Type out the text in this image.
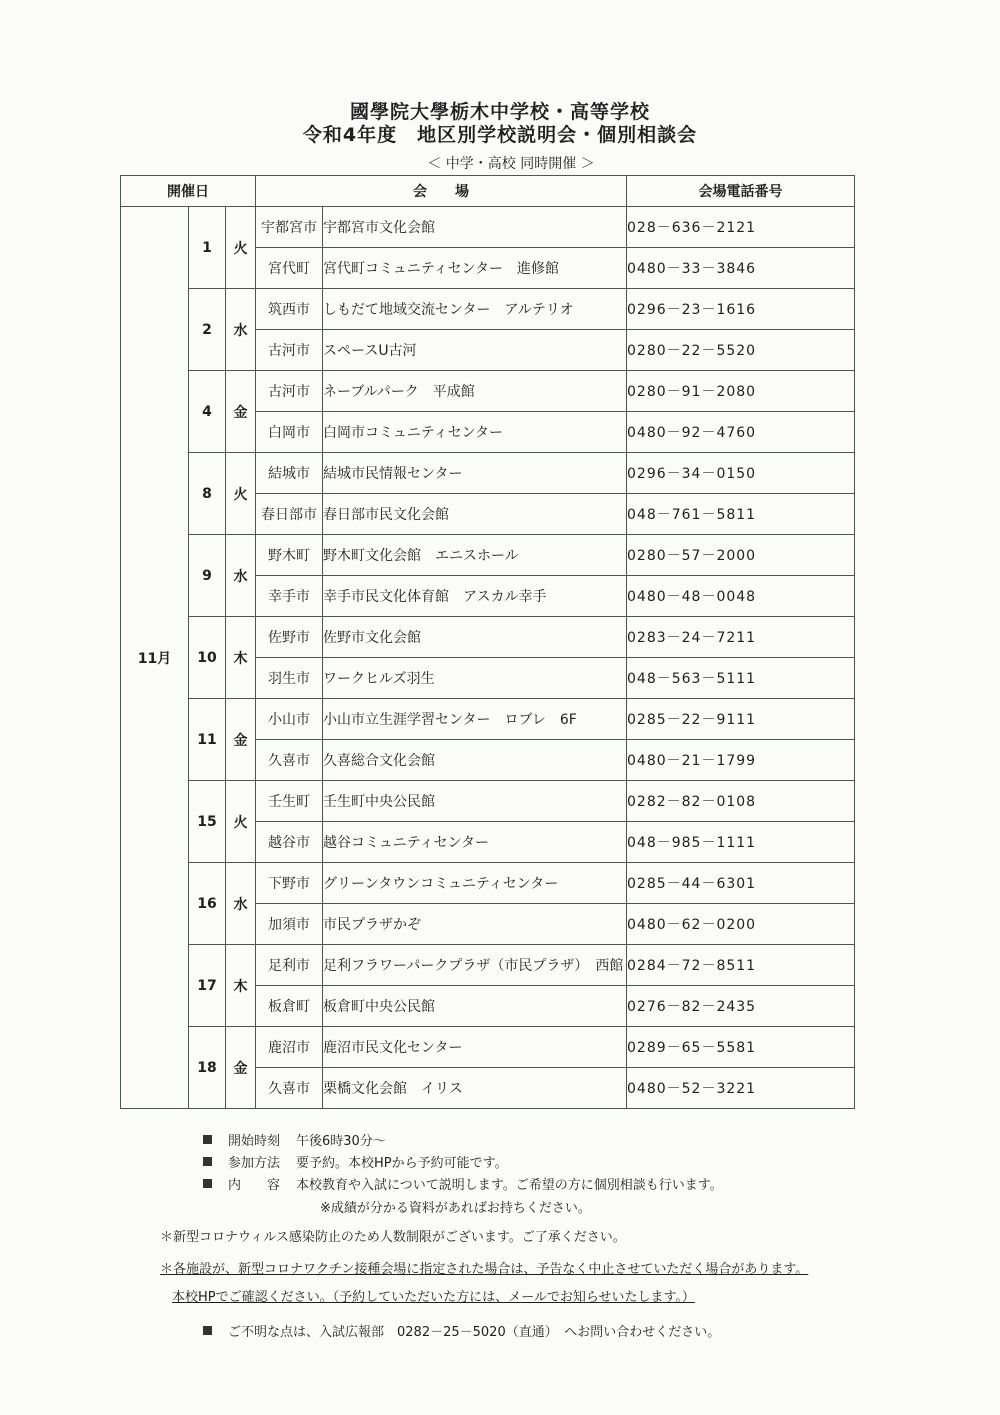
國學院大學栃木中学校・高等学校
令和4年度　地区別学校説明会・個別相談会
＜ 中学・高校 同時開催 ＞
開催日			会　　場		会場電話番号
11月	1	火	宇都宮市	宇都宮市文化会館	028－636－2121
			宮代町	宮代町コミュニティセンター　進修館	0480－33－3846
	2	水	筑西市	しもだて地域交流センター　アルテリオ	0296－23－1616
			古河市	スペースU古河	0280－22－5520
	4	金	古河市	ネーブルパーク　平成館	0280－91－2080
			白岡市	白岡市コミュニティセンター	0480－92－4760
	8	火	結城市	結城市民情報センター	0296－34－0150
			春日部市	春日部市民文化会館	048－761－5811
	9	水	野木町	野木町文化会館　エニスホール	0280－57－2000
			幸手市	幸手市民文化体育館　アスカル幸手	0480－48－0048
	10	木	佐野市	佐野市文化会館	0283－24－7211
			羽生市	ワークヒルズ羽生	048－563－5111
	11	金	小山市	小山市立生涯学習センター　ロブレ　6F	0285－22－9111
			久喜市	久喜総合文化会館	0480－21－1799
	15	火	壬生町	壬生町中央公民館	0282－82－0108
			越谷市	越谷コミュニティセンター	048－985－1111
	16	水	下野市	グリーンタウンコミュニティセンター	0285－44－6301
			加須市	市民プラザかぞ	0480－62－0200
	17	木	足利市	足利フラワーパークプラザ（市民プラザ）　西館	0284－72－8511
			板倉町	板倉町中央公民館	0276－82－2435
	18	金	鹿沼市	鹿沼市民文化センター	0289－65－5581
			久喜市	栗橋文化会館　イリス	0480－52－3221
開始時刻 午後6時30分～
参加方法 要予約。本校HPから予約可能です。
内　　容 本校教育や入試について説明します。ご希望の方に個別相談も行います。
※成績が分かる資料があればお持ちください。
＊新型コロナウィルス感染防止のため人数制限がございます。ご了承ください。
＊各施設が、新型コロナワクチン接種会場に指定された場合は、予告なく中止させていただく場合があります。
本校HPでご確認ください。（予約していただいた方には、メールでお知らせいたします。）
ご不明な点は、入試広報部　0282－25－5020（直通）　へお問い合わせください。
